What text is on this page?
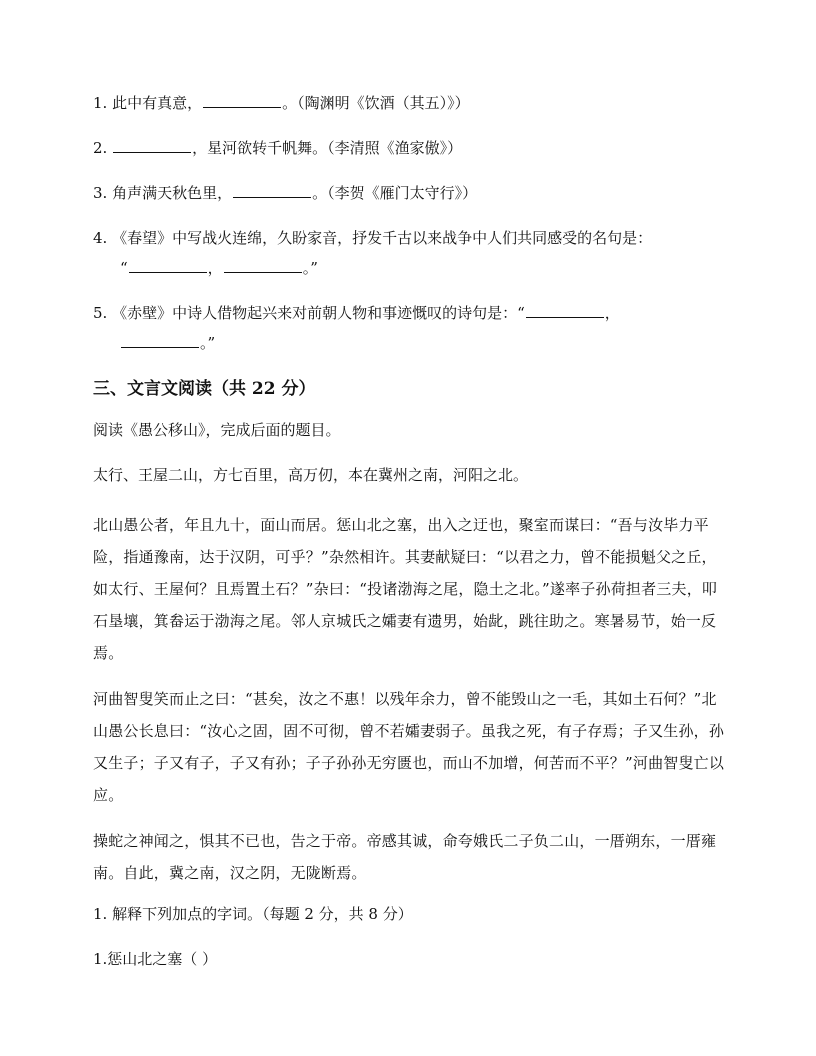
1. 此中有真意，	。（陶渊明《饮酒（其五）》）
2.	，星河欲转千帆舞。（李清照《渔家傲》）
3. 角声满天秋色里，	。（李贺《雁门太守行》）
4. 《春望》中写战火连绵，久盼家音，抒发千古以来战争中人们共同感受的名句是：
“	，	。”
5. 《赤壁》中诗人借物起兴来对前朝人物和事迹慨叹的诗句是：“	，
。”
三、文言文阅读（共 22 分）
阅读《愚公移山》，完成后面的题目。
太行、王屋二山，方七百里，高万仞，本在冀州之南，河阳之北。
北山愚公者，年且九十，面山而居。惩山北之塞，出入之迂也，聚室而谋曰：“吾与汝毕力平险，指通豫南，达于汉阴，可乎？”杂然相许。其妻献疑曰：“以君之力，曾不能损魁父之丘，如太行、王屋何？且焉置土石？”杂曰：“投诸渤海之尾，隐土之北。”遂率子孙荷担者三夫，叩石垦壤，箕畚运于渤海之尾。邻人京城氏之孀妻有遗男，始龀，跳往助之。寒暑易节，始一反焉。
河曲智叟笑而止之曰：“甚矣，汝之不惠！以残年余力，曾不能毁山之一毛，其如土石何？”北山愚公长息曰：“汝心之固，固不可彻，曾不若孀妻弱子。虽我之死，有子存焉；子又生孙，孙又生子；子又有子，子又有孙；子子孙孙无穷匮也，而山不加增，何苦而不平？”河曲智叟亡以应。
操蛇之神闻之，惧其不已也，告之于帝。帝感其诚，命夸娥氏二子负二山，一厝朔东，一厝雍南。自此，冀之南，汉之阴，无陇断焉。
1. 解释下列加点的字词。（每题 2 分，共 8 分）
1.惩山北之塞（ ）
